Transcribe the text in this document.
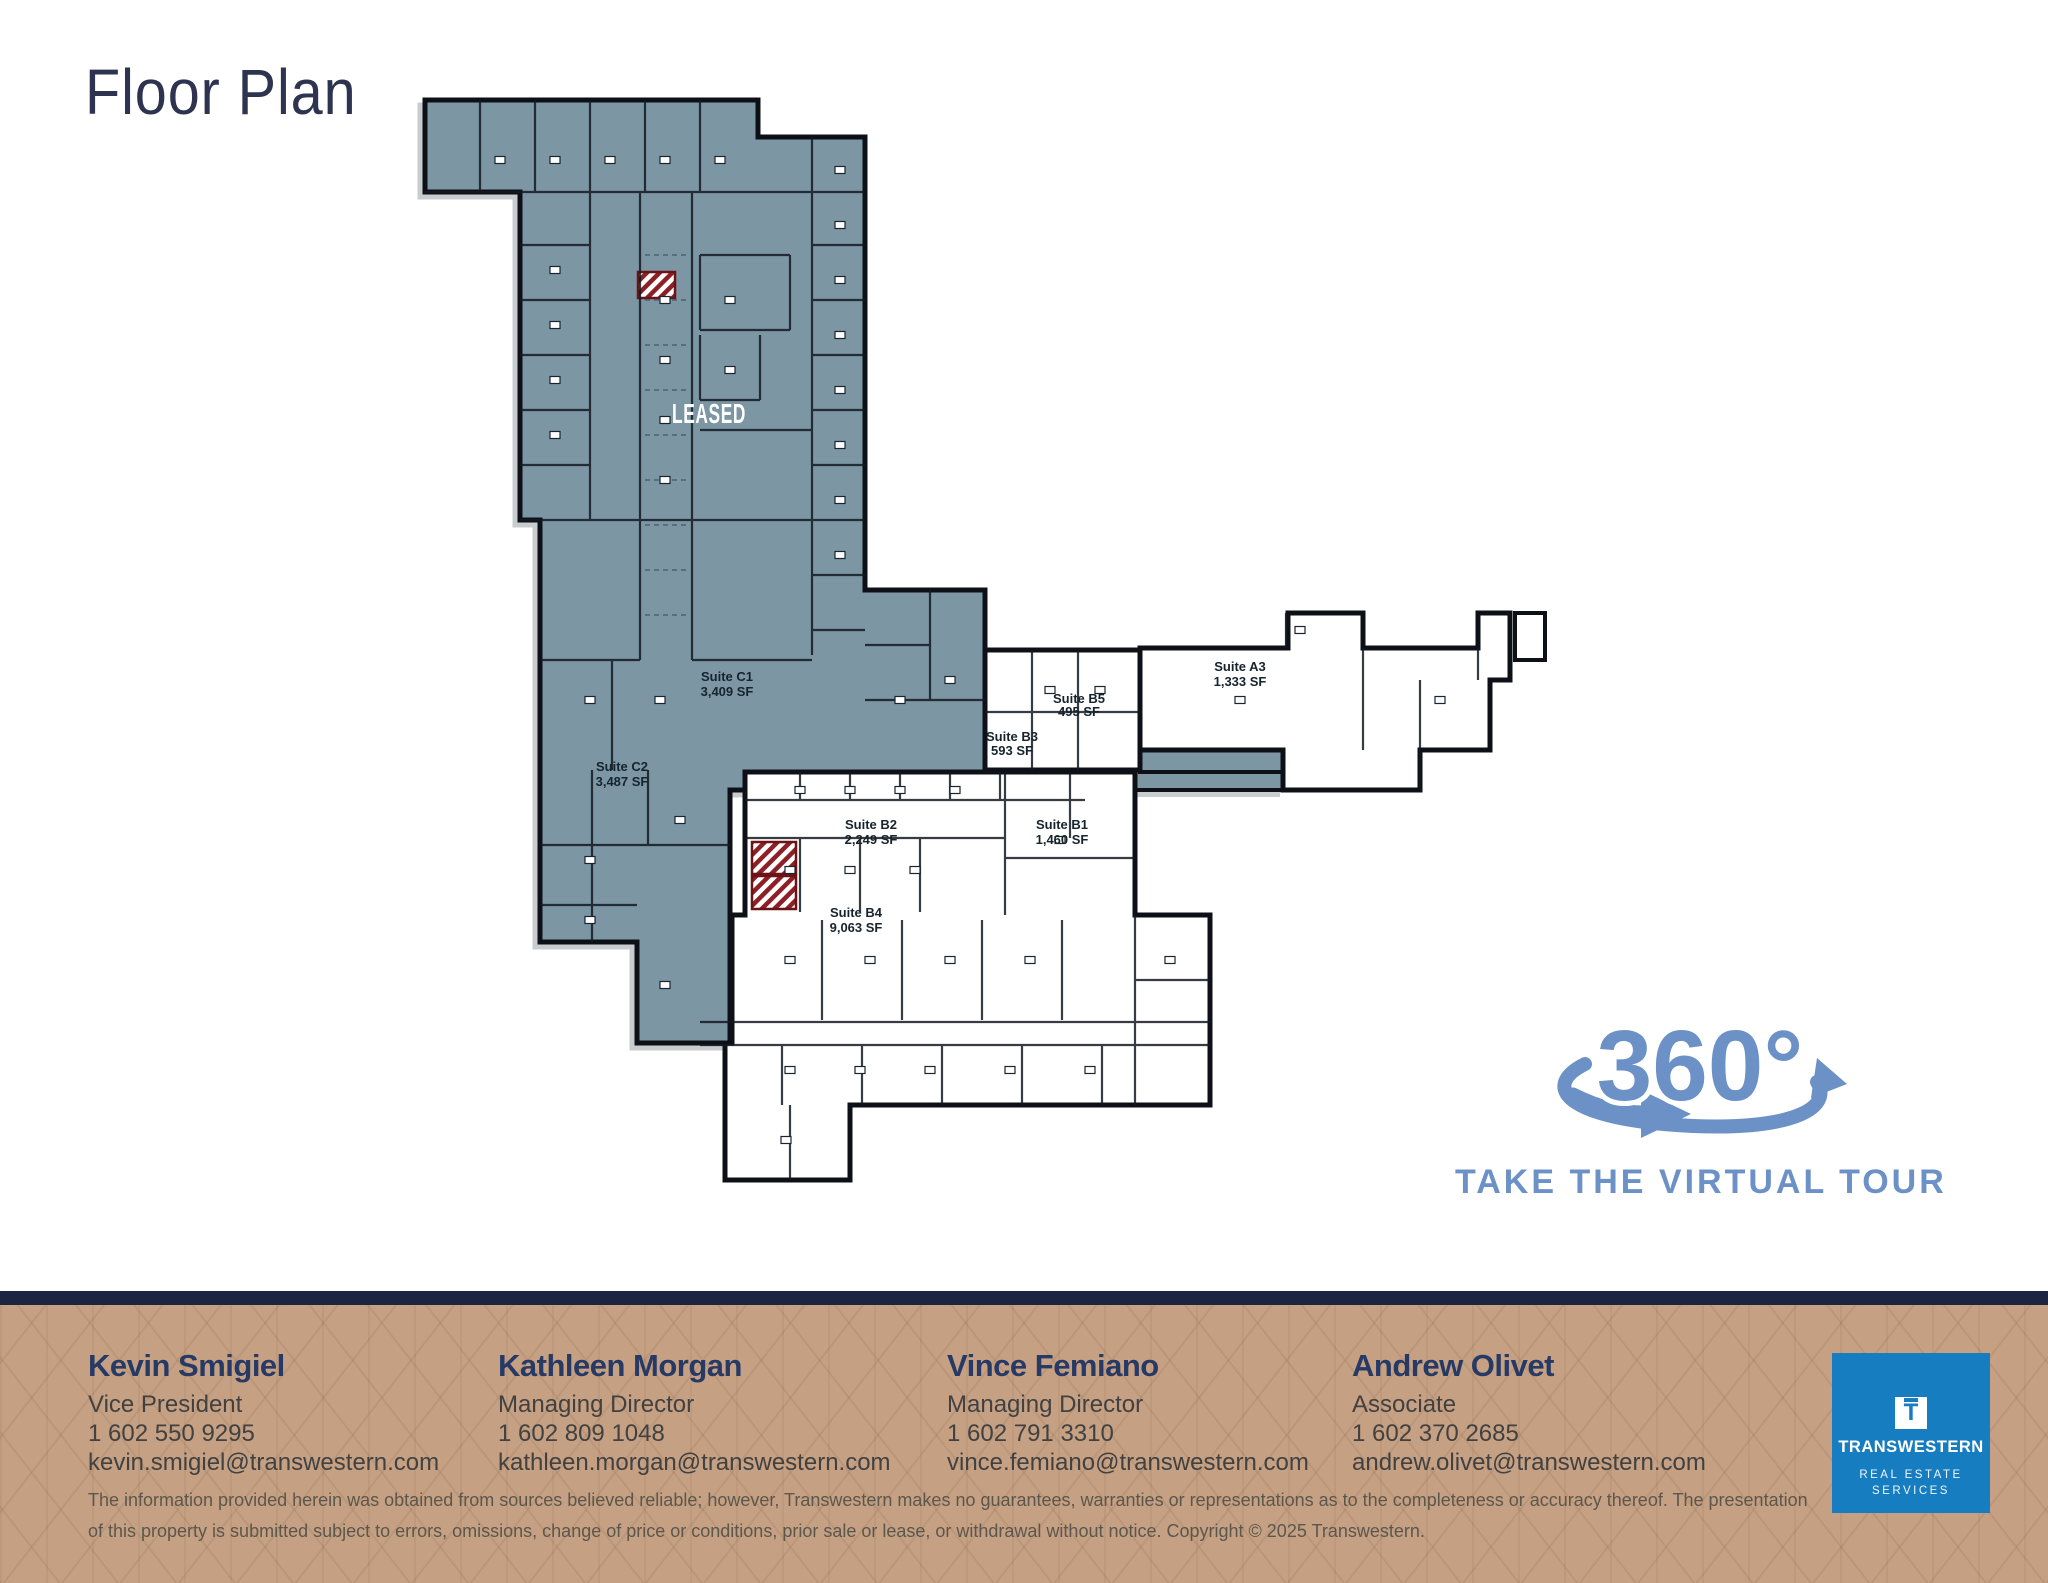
Floor Plan
LEASED
Suite C1
3,409 SF
Suite C2
3,487 SF
Suite B2
2,249 SF
Suite B3
593 SF
Suite B5
495 SF
Suite B1
1,460 SF
Suite B4
9,063 SF
Suite A3
1,333 SF
360°
TAKE THE VIRTUAL TOUR
Kevin Smigiel
Vice President
1 602 550 9295
kevin.smigiel@transwestern.com
Kathleen Morgan
Managing Director
1 602 809 1048
kathleen.morgan@transwestern.com
Vince Femiano
Managing Director
1 602 791 3310
vince.femiano@transwestern.com
Andrew Olivet
Associate
1 602 370 2685
andrew.olivet@transwestern.com
The information provided herein was obtained from sources believed reliable; however, Transwestern makes no guarantees, warranties or representations as to the completeness or accuracy thereof. The presentation
of this property is submitted subject to errors, omissions, change of price or conditions, prior sale or lease, or withdrawal without notice. Copyright © 2025 Transwestern.
T
TRANSWESTERN
REAL ESTATE
SERVICES
